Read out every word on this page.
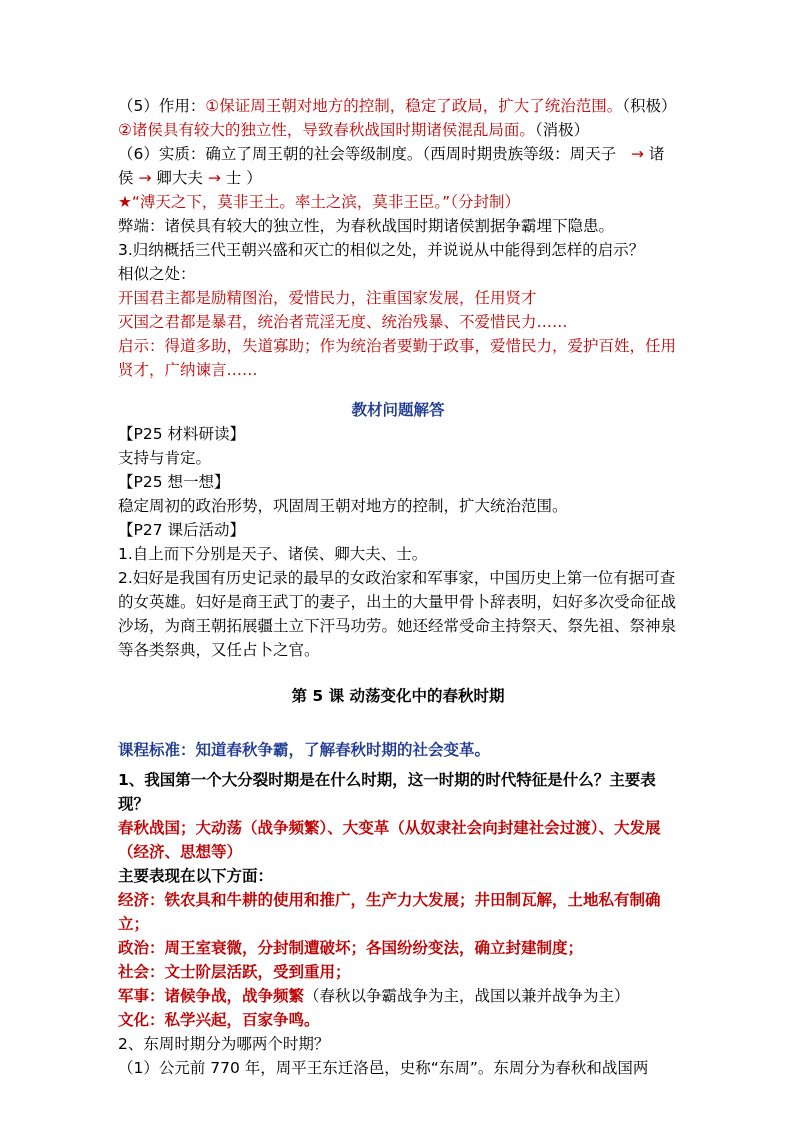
（5）作用：①保证周王朝对地方的控制，稳定了政局，扩大了统治范围。（积极）②诸侯具有较大的独立性，导致春秋战国时期诸侯混乱局面。（消极）

（6）实质：确立了周王朝的社会等级制度。（西周时期贵族等级：周天子 → 诸侯 → 卿大夫 → 士 ）

★“溥天之下，莫非王土。率土之滨，莫非王臣。”（分封制）

弊端：诸侯具有较大的独立性，为春秋战国时期诸侯割据争霸埋下隐患。

3.归纳概括三代王朝兴盛和灭亡的相似之处，并说说从中能得到怎样的启示？

相似之处：

开国君主都是励精图治，爱惜民力，注重国家发展，任用贤才

灭国之君都是暴君，统治者荒淫无度、统治残暴、不爱惜民力……

启示：得道多助，失道寡助；作为统治者要勤于政事，爱惜民力，爱护百姓，任用贤才，广纳谏言……

教材问题解答

【P25 材料研读】

支持与肯定。

【P25 想一想】

稳定周初的政治形势，巩固周王朝对地方的控制，扩大统治范围。

【P27 课后活动】

1.自上而下分别是天子、诸侯、卿大夫、士。

2.妇好是我国有历史记录的最早的女政治家和军事家，中国历史上第一位有据可查的女英雄。妇好是商王武丁的妻子，出土的大量甲骨卜辞表明，妇好多次受命征战沙场，为商王朝拓展疆土立下汗马功劳。她还经常受命主持祭天、祭先祖、祭神泉等各类祭典，又任占卜之官。

第 5 课 动荡变化中的春秋时期

课程标准：知道春秋争霸，了解春秋时期的社会变革。

1、我国第一个大分裂时期是在什么时期，这一时期的时代特征是什么？主要表现？

春秋战国；大动荡（战争频繁）、大变革（从奴隶社会向封建社会过渡）、大发展（经济、思想等）

主要表现在以下方面：

经济：铁农具和牛耕的使用和推广，生产力大发展；井田制瓦解，土地私有制确立；

政治：周王室衰微，分封制遭破坏；各国纷纷变法，确立封建制度；

社会：文士阶层活跃，受到重用；

军事：诸候争战，战争频繁（春秋以争霸战争为主，战国以兼并战争为主）

文化：私学兴起，百家争鸣。

2、东周时期分为哪两个时期？

（1）公元前 770 年，周平王东迁洛邑，史称“东周”。东周分为春秋和战国两
